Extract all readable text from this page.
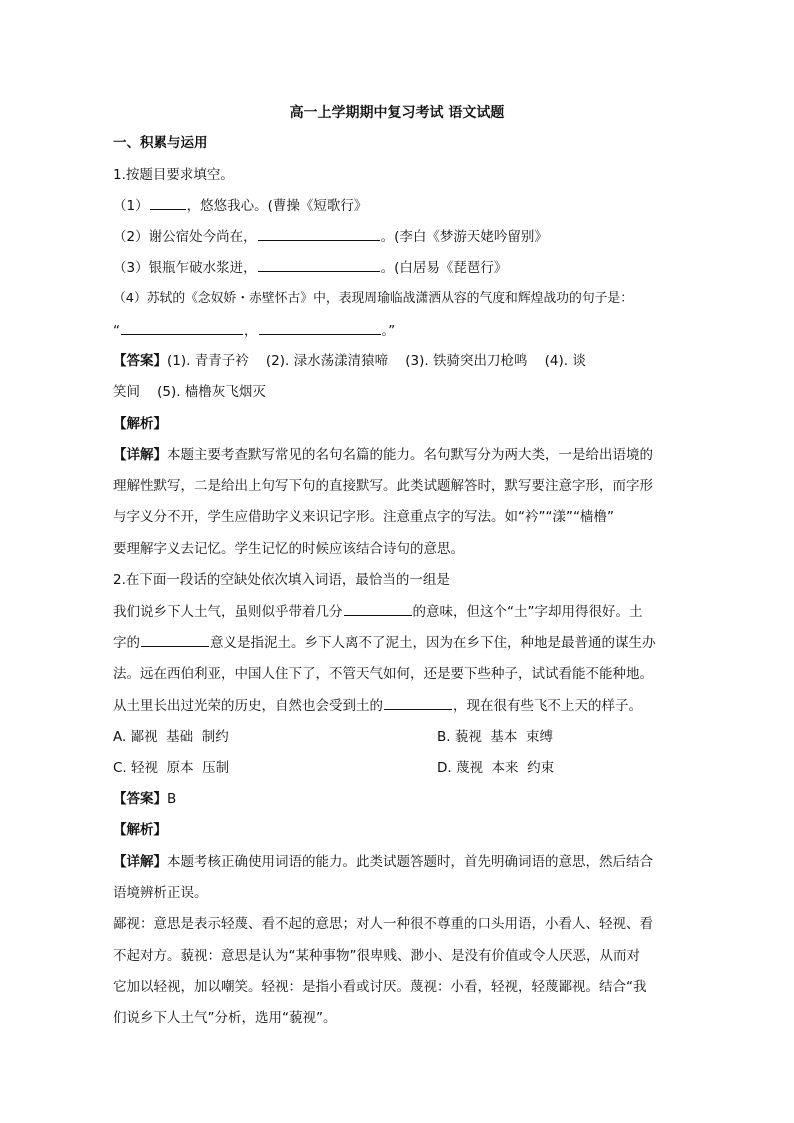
高一上学期期中复习考试 语文试题
一、积累与运用
1.按题目要求填空。
（1）	，悠悠我心。(曹操《短歌行》
（2）谢公宿处今尚在，	。(李白《梦游天姥吟留别》
（3）银瓶乍破水浆迸，	。(白居易《琵琶行》
（4）苏轼的《念奴娇・赤壁怀古》中，表现周瑜临战潇洒从容的气度和辉煌战功的句子是：
“	，	。”
【答案】(1). 青青子衿    (2). 渌水荡漾清猿啼    (3). 铁骑突出刀枪鸣    (4). 谈
笑间    (5). 樯橹灰飞烟灭
【解析】
【详解】本题主要考查默写常见的名句名篇的能力。名句默写分为两大类，一是给出语境的
理解性默写，二是给出上句写下句的直接默写。此类试题解答时，默写要注意字形，而字形
与字义分不开，学生应借助字义来识记字形。注意重点字的写法。如“衿”“漾”“樯橹”
要理解字义去记忆。学生记忆的时候应该结合诗句的意思。
2.在下面一段话的空缺处依次填入词语，最恰当的一组是
我们说乡下人土气，虽则似乎带着几分	的意味，但这个“土”字却用得很好。土
字的	意义是指泥土。乡下人离不了泥土，因为在乡下住，种地是最普通的谋生办
法。远在西伯利亚，中国人住下了，不管天气如何，还是要下些种子，试试看能不能种地。
从土里长出过光荣的历史，自然也会受到土的	，现在很有些飞不上天的样子。
A. 鄙视  基础  制约	B. 藐视  基本  束缚
C. 轻视  原本  压制	D. 蔑视  本来  约束
【答案】B
【解析】
【详解】本题考核正确使用词语的能力。此类试题答题时，首先明确词语的意思，然后结合
语境辨析正误。
鄙视：意思是表示轻蔑、看不起的意思；对人一种很不尊重的口头用语，小看人、轻视、看
不起对方。藐视：意思是认为“某种事物”很卑贱、渺小、是没有价值或令人厌恶，从而对
它加以轻视，加以嘲笑。轻视：是指小看或讨厌。蔑视：小看，轻视，轻蔑鄙视。结合“我
们说乡下人土气”分析，选用“藐视”。
